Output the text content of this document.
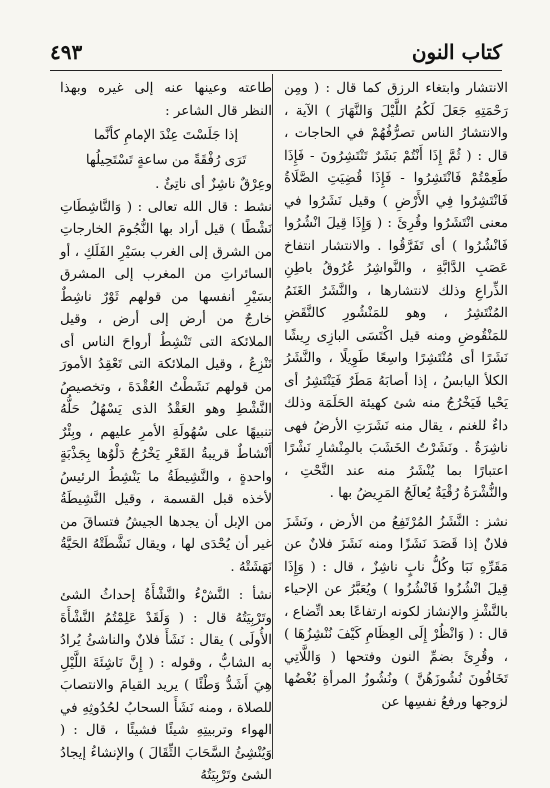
٤٩٣	كتاب النون

الانتشار وابتغاء الرزق كما قال : ( ومِن رَحْمَتِهِ جَعَلَ لَكُمُ اللَّيْلَ وَالنَّهَارَ ) الآية ، والانتشارُ الناس تصرُّفُهُمْ في الحاجات ، قال : ( ثُمَّ إِذَا أَنْتُمْ بَشَرٌ تَنْتَشِرُونَ - فَإِذَا طَعِمْتُمْ فَانْتَشِرُوا - فَإِذَا قُضِيَتِ الصَّلَاةُ فَانْتَشِرُوا فِي الأَرْضِ ) وقيل نَشَرُوا في معنى انْتَشَرُوا وقُرِئَ : ( وَإِذَا قِيلَ انْشُرُوا فَانْشُرُوا ) أى تَفَرَّقُوا . والانتشار انتفاخ عَصَبِ الدَّابَّةِ ، والنَّواشِرُ عُرُوقُ باطِنِ الذِّراعِ وذلك لانتشارها ، والنَّشَرُ الغَنَمُ المُنْتَشِرُ ، وهو للمَنْشُورِ كالنَّقَضِ للمَنْقُوضِ ومنه قيل اكْتَسَى البازِى رِيشًا نَشَرًا أى مُنْتَشِرًا واسِعًا طَوِيلًا ، والنَّشَرُ الكلأ اليابسُ ، إذا أصابَهُ مَطَرٌ فَيَنْتَشِرُ أى يَحْيا فَيَخْرُجُ منه شئ كهيئة الحَلَمَة وذلك داءٌ للغنم ، يقال منه نَشَرَتِ الأرضُ فهى ناشِرَةٌ . ونَشَرْتُ الخَشَبَ بالمِنْشارِ نَشْرًا اعتبارًا بما يُنْشَرُ منه عند النَّحْتِ ، والنُّشْرَةُ رُقْيَةٌ يُعالَجُ المَرِيضُ بها .

نشز : النَّشَزُ المُرْتَفِعُ من الأرض ، ونَشَزَ فلانٌ إذا قَصَدَ نَشَزًا ومنه نَشَزَ فلانٌ عن مَقَرِّهِ نَبَا وكُلُّ نابٍ ناشِزٌ ، قال : ( وَإِذَا قِيلَ انْشُزُوا فَانْشُزُوا ) ويُعَبَّرُ عن الإحياء بالنَّشْزِ والإنشاز لكونه ارتفاعًا بعد اتِّضاع ، قال : ( وَانْظُرْ إِلَى العِظَامِ كَيْفَ نُنْشِزُهَا ) ، وقُرِئَ بضمِّ النون وفتحها ( وَاللَّاتِي تَخَافُونَ نُشُوزَهُنَّ ) ونُشُوزُ المرأةِ بُغْضُها لزوجها ورفعُ نفسِها عن

طاعته وعينها عنه إلى غيره وبهذا النظر قال الشاعر :

إذا جَلَسْتَ عِنْدَ الإمامِ كأنَّما

تَرَى رُفْقَةً من ساعةٍ تَسْتَحِيلُها

وعِرْقٌ ناشِزٌ أى ناتِئٌ .

نشط : قال الله تعالى : ( وَالنَّاشِطَاتِ نَشْطًا ) قيل أراد بها النُّجُومَ الخارجاتِ من الشرق إلى الغرب بسَيْرِ الفَلَكِ ، أو السائراتِ من المغرب إلى المشرق بسَيْرِ أنفسها من قولهم ثَوْرٌ ناشِطٌ خارجٌ من أرض إلى أرض ، وقيل الملائكة التى تَنْشِطُ أرواحَ الناس أى تَنْزِعُ ، وقيل الملائكة التى تَعْقِدُ الأمورَ من قولهم نَشَطْتُ العُقْدَةَ ، وتخصيصُ النَّشْطِ وهو العَقْدُ الذى يَسْهُلُ حَلُّهُ تنبيهًا على سُهُولَةِ الأمرِ عليهم ، وبِئْرٌ أَنْشاطٌ قريبةُ القَعْرِ يَخْرُجُ دَلْوُها بِجَذْبَةٍ واحدةٍ ، والنَّشِيطَةُ ما يَنْشِطُ الرئيسُ لأخذه قبل القسمة ، وقيل النَّشِيطَةُ من الإبل أن يجدها الجيشُ فتساقَ من غير أن يُحْدَى لها ، ويقال نَشَّطَتْهُ الحَيَّةُ نَهَشَتْهُ .

نشأ : النَّشْءُ والنَّشْأَةُ إحداثُ الشئ وتَرْبِيَتُهُ قال : ( وَلَقَدْ عَلِمْتُمُ النَّشْأَةَ الأُولَى ) يقال : نَشَأَ فلانٌ والناشئُ يُرادُ به الشابُّ ، وقوله : ( إِنَّ نَاشِئَةَ اللَّيْلِ هِيَ أَشَدُّ وَطْئًا ) يريد القيامَ والانتصابَ للصلاة ، ومنه نَشَأَ السحابُ لحُدُوثِهِ في الهواء وتربيتِهِ شيئًا فشيئًا ، قال : ( وَيُنْشِئُ السَّحَابَ الثِّقَالَ ) والإنشاءُ إيجادُ الشئ وتَرْبِيَتُهُ
